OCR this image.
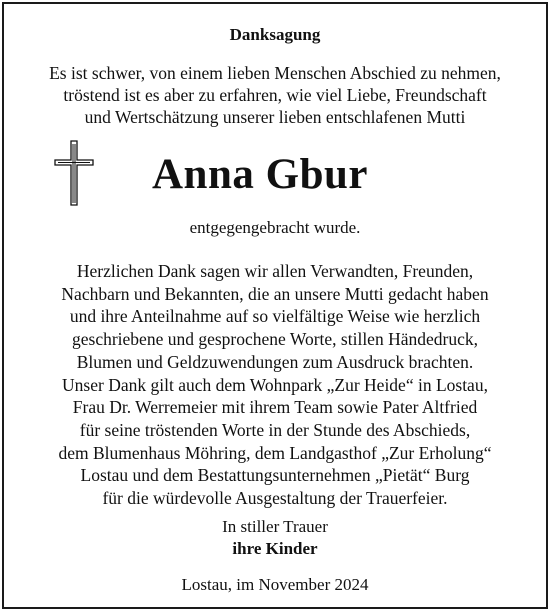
Danksagung
Es ist schwer, von einem lieben Menschen Abschied zu nehmen,
tröstend ist es aber zu erfahren, wie viel Liebe, Freundschaft
und Wertschätzung unserer lieben entschlafenen Mutti
Anna Gbur
entgegengebracht wurde.
Herzlichen Dank sagen wir allen Verwandten, Freunden,
Nachbarn und Bekannten, die an unsere Mutti gedacht haben
und ihre Anteilnahme auf so vielfältige Weise wie herzlich
geschriebene und gesprochene Worte, stillen Händedruck,
Blumen und Geldzuwendungen zum Ausdruck brachten.
Unser Dank gilt auch dem Wohnpark „Zur Heide“ in Lostau,
Frau Dr. Werremeier mit ihrem Team sowie Pater Altfried
für seine tröstenden Worte in der Stunde des Abschieds,
dem Blumenhaus Möhring, dem Landgasthof „Zur Erholung“
Lostau und dem Bestattungsunternehmen „Pietät“ Burg
für die würdevolle Ausgestaltung der Trauerfeier.
In stiller Trauer
ihre Kinder
Lostau, im November 2024
